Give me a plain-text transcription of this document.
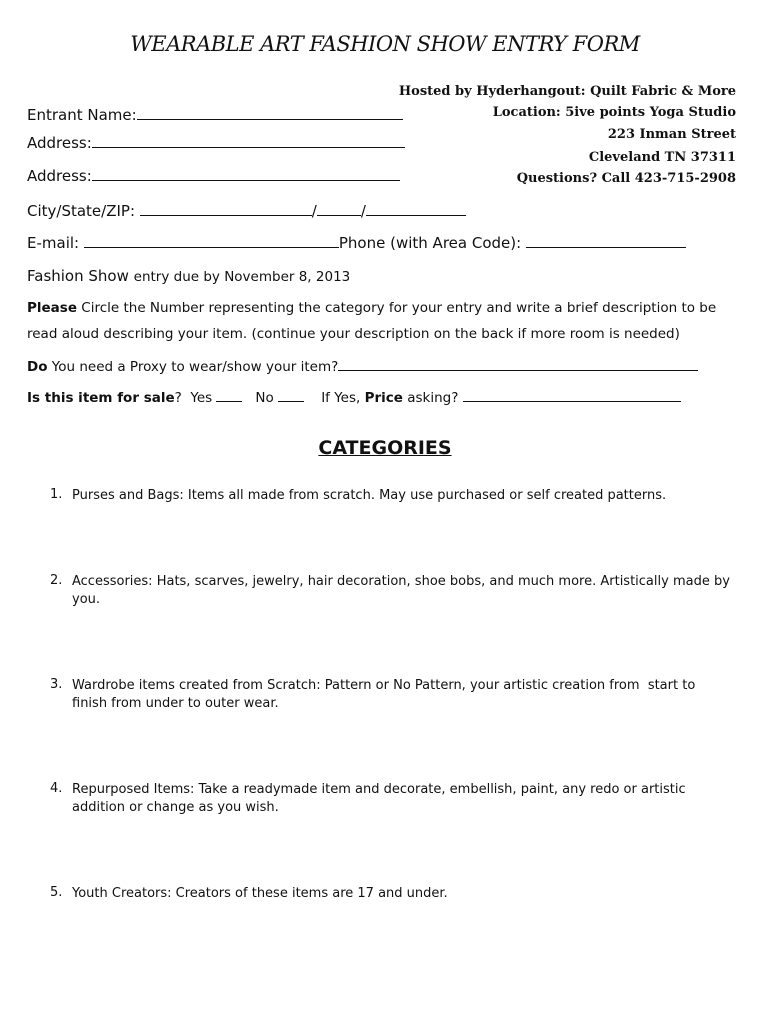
WEARABLE ART FASHION SHOW ENTRY FORM
Hosted by Hyderhangout: Quilt Fabric & More
Location: 5ive points Yoga Studio
223 Inman Street
Cleveland TN 37311
Questions? Call 423-715-2908
Entrant Name:
Address:
Address:
City/State/ZIP:	/	/
E-mail:	Phone (with Area Code):
Fashion Show entry due by November 8, 2013
Please Circle the Number representing the category for your entry and write a brief description to be
read aloud describing your item. (continue your description on the back if more room is needed)
Do You need a Proxy to wear/show your item?
Is this item for sale? Yes	No	If Yes, Price asking?
CATEGORIES
1. Purses and Bags: Items all made from scratch. May use purchased or self created patterns.
2. Accessories: Hats, scarves, jewelry, hair decoration, shoe bobs, and much more. Artistically made by you.
3. Wardrobe items created from Scratch: Pattern or No Pattern, your artistic creation from  start to finish from under to outer wear.
4. Repurposed Items: Take a readymade item and decorate, embellish, paint, any redo or artistic addition or change as you wish.
5. Youth Creators: Creators of these items are 17 and under.
